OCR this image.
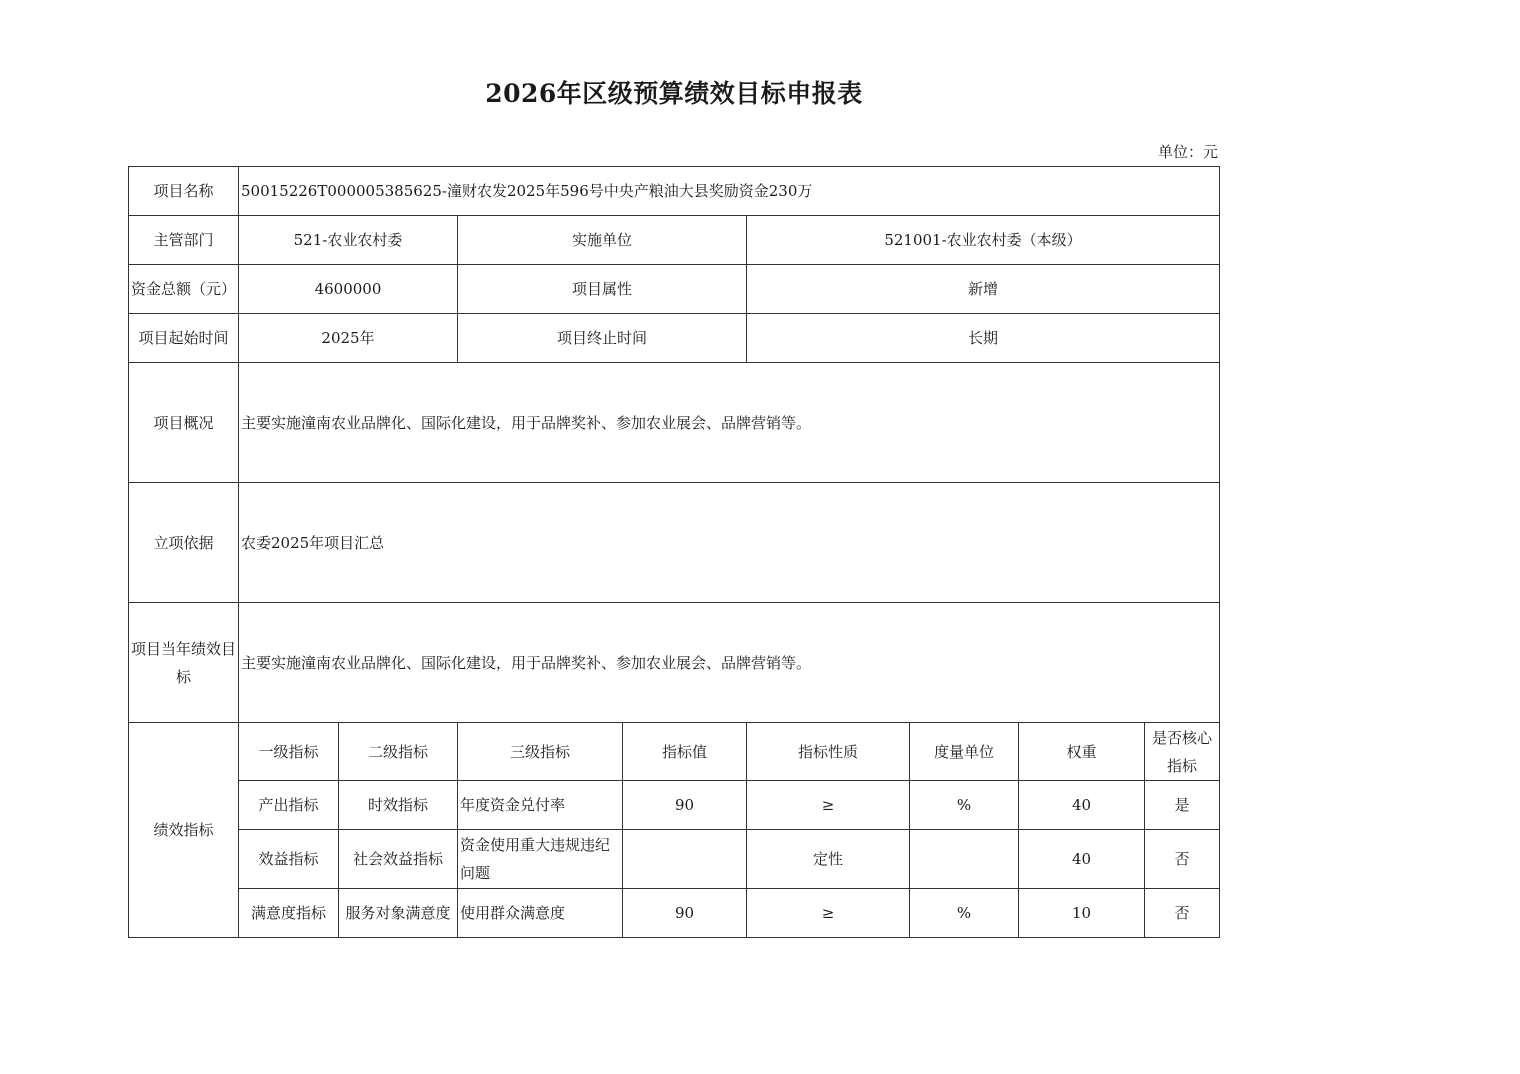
2026年区级预算绩效目标申报表
单位：元
项目名称	50015226T000005385625-潼财农发2025年596号中央产粮油大县奖励资金230万							
主管部门	521-农业农村委		实施单位		521001-农业农村委（本级）			
资金总额（元）	4600000		项目属性		新增			
项目起始时间	2025年		项目终止时间		长期			
项目概况	主要实施潼南农业品牌化、国际化建设，用于品牌奖补、参加农业展会、品牌营销等。							
立项依据	农委2025年项目汇总							
项目当年绩效目标	主要实施潼南农业品牌化、国际化建设，用于品牌奖补、参加农业展会、品牌营销等。							
绩效指标	一级指标	二级指标	三级指标	指标值	指标性质	度量单位	权重	是否核心指标
	产出指标	时效指标	年度资金兑付率	90	≥	%	40	是
	效益指标	社会效益指标	资金使用重大违规违纪问题		定性		40	否
	满意度指标	服务对象满意度	使用群众满意度	90	≥	%	10	否
